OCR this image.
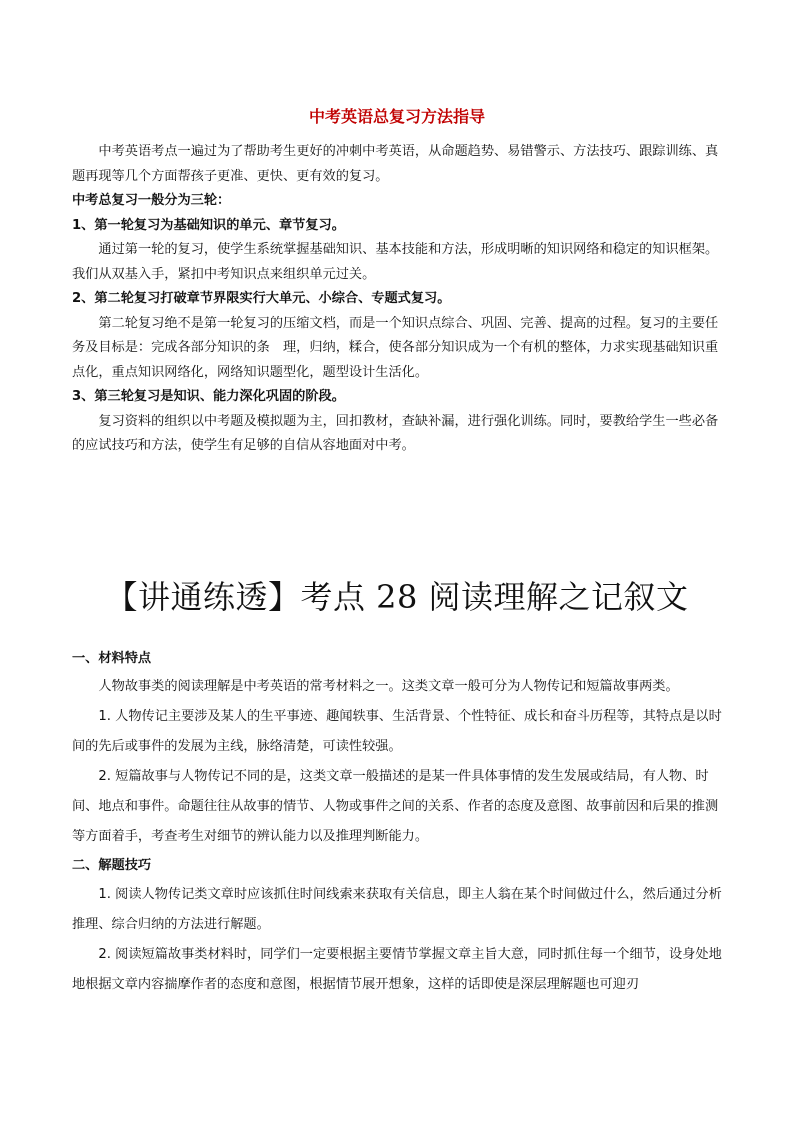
中考英语总复习方法指导

中考英语考点一遍过为了帮助考生更好的冲刺中考英语，从命题趋势、易错警示、方法技巧、跟踪训练、真题再现等几个方面帮孩子更准、更快、更有效的复习。

中考总复习一般分为三轮：

1、第一轮复习为基础知识的单元、章节复习。

通过第一轮的复习，使学生系统掌握基础知识、基本技能和方法，形成明晰的知识网络和稳定的知识框架。我们从双基入手，紧扣中考知识点来组织单元过关。

2、第二轮复习打破章节界限实行大单元、小综合、专题式复习。

第二轮复习绝不是第一轮复习的压缩文档，而是一个知识点综合、巩固、完善、提高的过程。复习的主要任务及目标是：完成各部分知识的条　理，归纳，糅合，使各部分知识成为一个有机的整体，力求实现基础知识重点化，重点知识网络化，网络知识题型化，题型设计生活化。

3、第三轮复习是知识、能力深化巩固的阶段。

复习资料的组织以中考题及模拟题为主，回扣教材，查缺补漏，进行强化训练。同时，要教给学生一些必备的应试技巧和方法，使学生有足够的自信从容地面对中考。

【讲通练透】考点 28 阅读理解之记叙文

一、材料特点

人物故事类的阅读理解是中考英语的常考材料之一。这类文章一般可分为人物传记和短篇故事两类。

1. 人物传记主要涉及某人的生平事迹、趣闻轶事、生活背景、个性特征、成长和奋斗历程等，其特点是以时间的先后或事件的发展为主线，脉络清楚，可读性较强。

2. 短篇故事与人物传记不同的是，这类文章一般描述的是某一件具体事情的发生发展或结局，有人物、时间、地点和事件。命题往往从故事的情节、人物或事件之间的关系、作者的态度及意图、故事前因和后果的推测等方面着手，考查考生对细节的辨认能力以及推理判断能力。

二、解题技巧

1. 阅读人物传记类文章时应该抓住时间线索来获取有关信息，即主人翁在某个时间做过什么，然后通过分析推理、综合归纳的方法进行解题。

2. 阅读短篇故事类材料时，同学们一定要根据主要情节掌握文章主旨大意，同时抓住每一个细节，设身处地地根据文章内容揣摩作者的态度和意图，根据情节展开想象，这样的话即使是深层理解题也可迎刃
